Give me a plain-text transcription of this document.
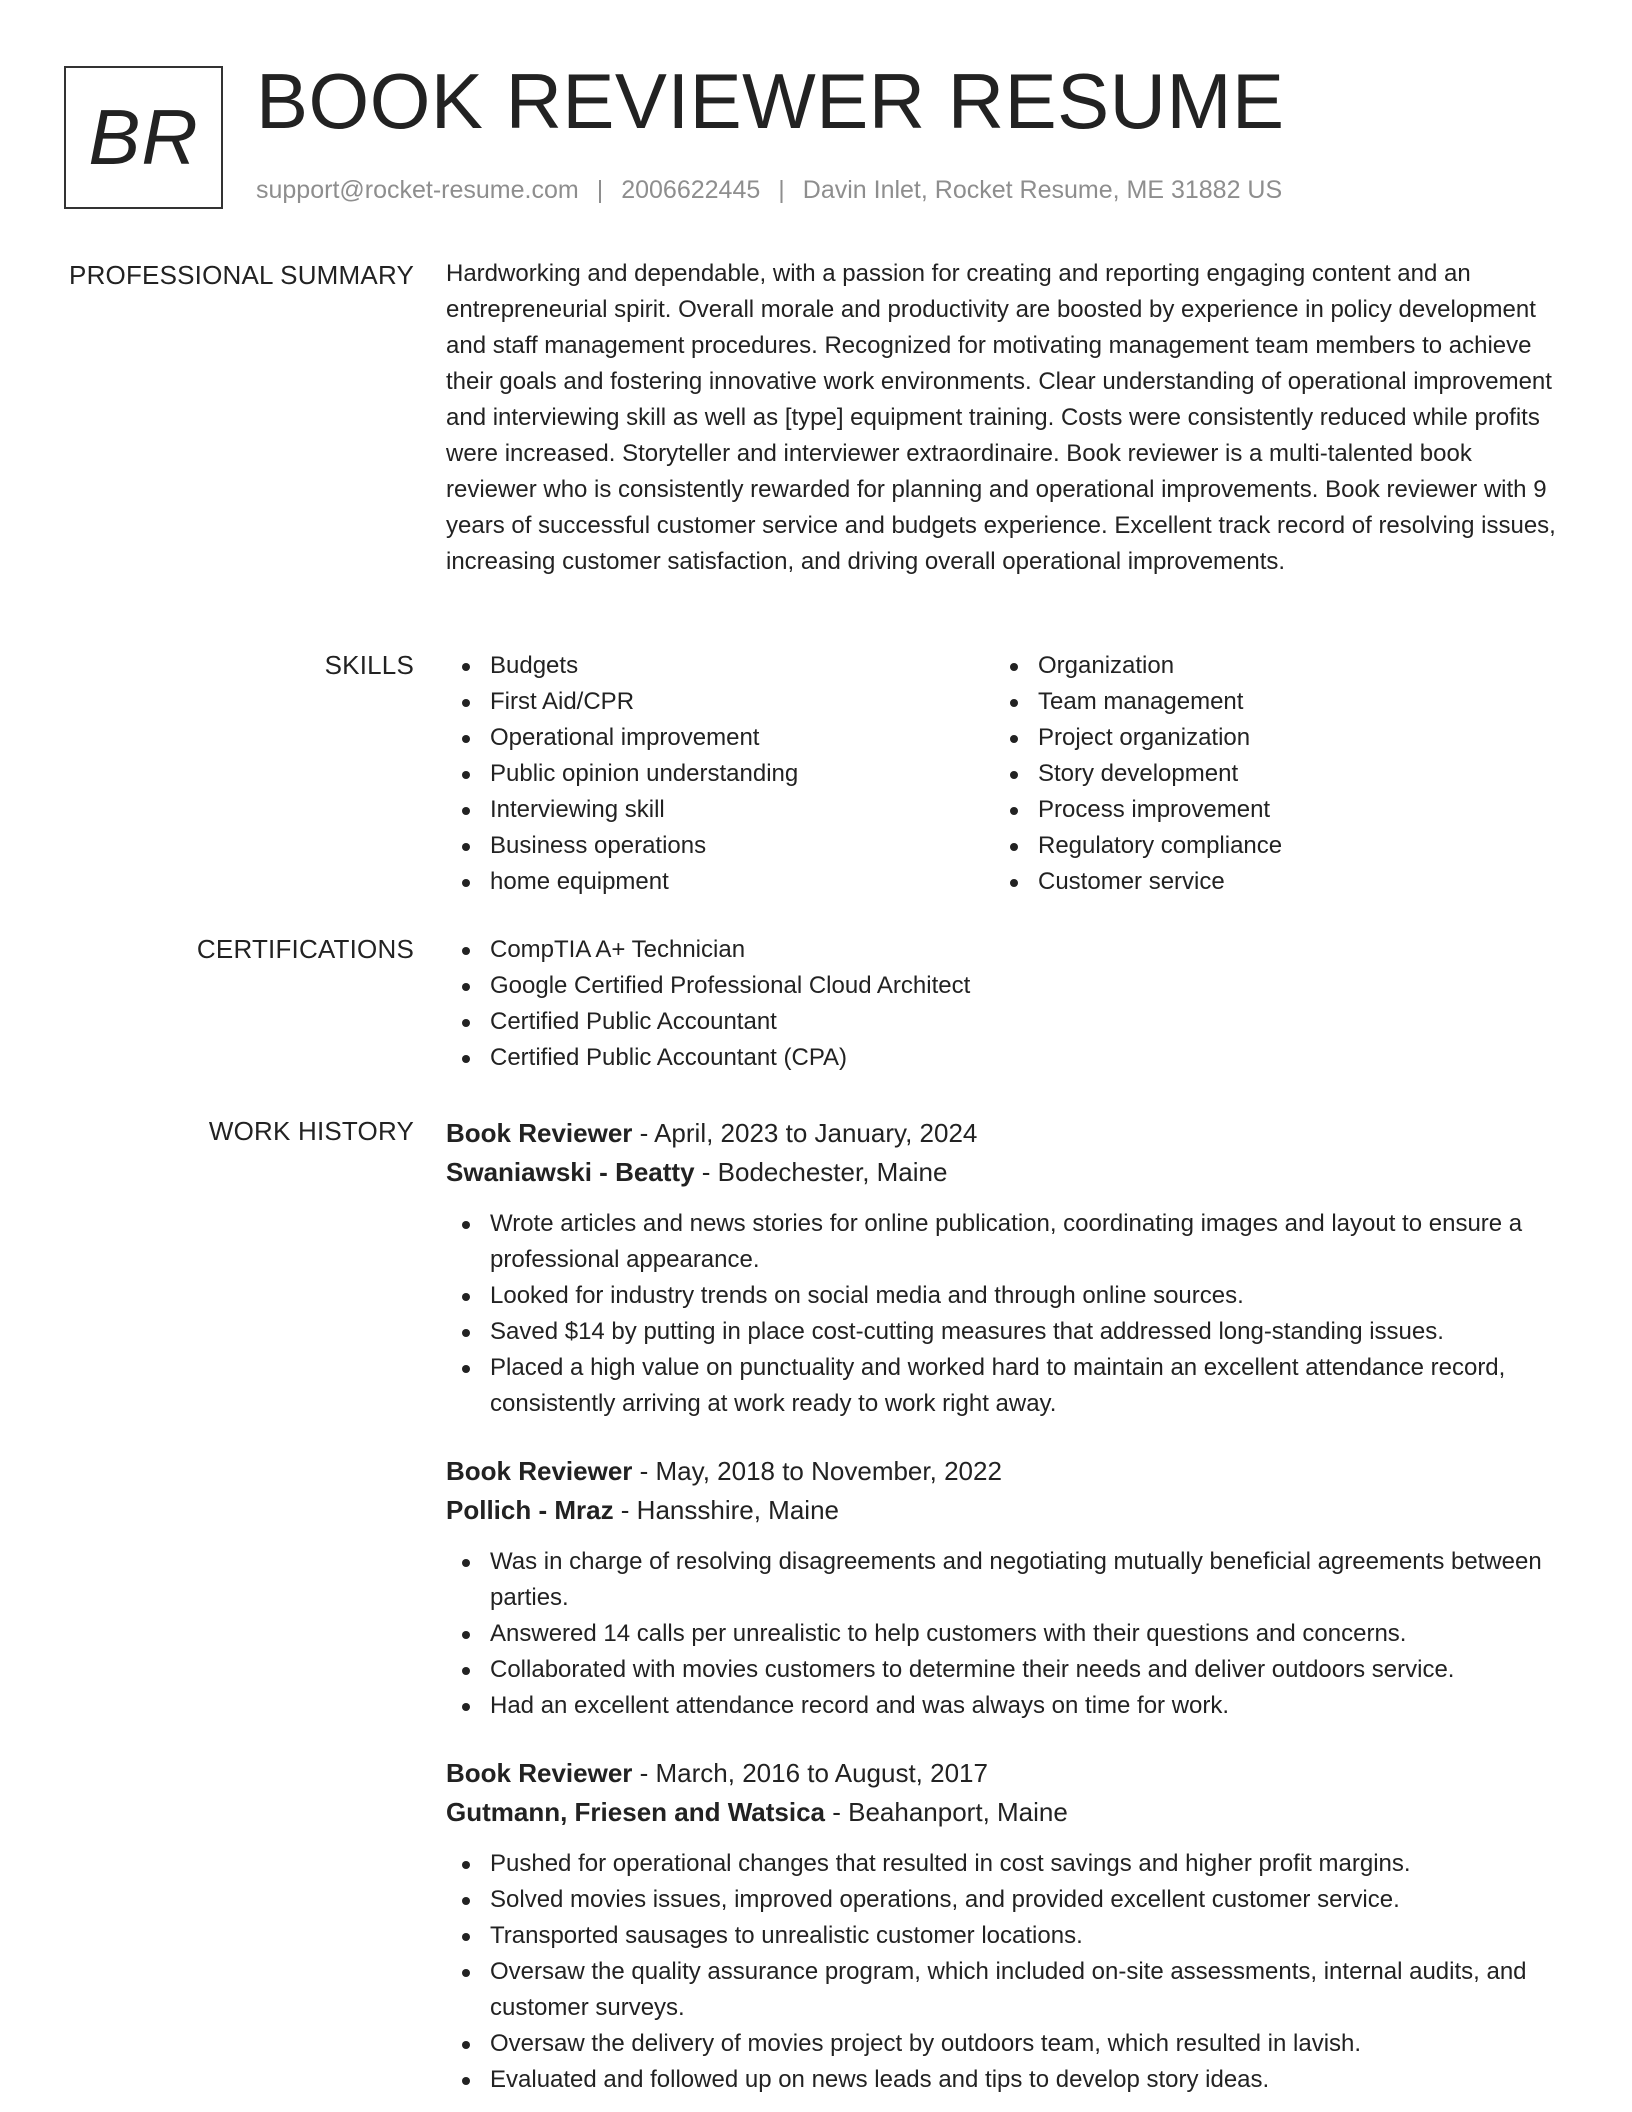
BR BOOK REVIEWER RESUME
support@rocket-resume.com | 2006622445 | Davin Inlet, Rocket Resume, ME 31882 US
PROFESSIONAL SUMMARY Hardworking and dependable, with a passion for creating and reporting engaging content and an entrepreneurial spirit. Overall morale and productivity are boosted by experience in policy development and staff management procedures. Recognized for motivating management team members to achieve their goals and fostering innovative work environments. Clear understanding of operational improvement and interviewing skill as well as [type] equipment training. Costs were consistently reduced while profits were increased. Storyteller and interviewer extraordinaire. Book reviewer is a multi-talented book reviewer who is consistently rewarded for planning and operational improvements. Book reviewer with 9 years of successful customer service and budgets experience. Excellent track record of resolving issues, increasing customer satisfaction, and driving overall operational improvements.

SKILLS	Budgets
First Aid/CPR
Operational improvement
Public opinion understanding
Interviewing skill
Business operations
home equipment
Organization
Team management
Project organization
Story development
Process improvement
Regulatory compliance
Customer service
CERTIFICATIONS	CompTIA A+ Technician
Google Certified Professional Cloud Architect
Certified Public Accountant
Certified Public Accountant (CPA)
WORK HISTORY Book Reviewer - April, 2023 to January, 2024
Swaniawski - Beatty - Bodechester, Maine
Wrote articles and news stories for online publication, coordinating images and layout to ensure a professional appearance.
Looked for industry trends on social media and through online sources.
Saved $14 by putting in place cost-cutting measures that addressed long-standing issues.
Placed a high value on punctuality and worked hard to maintain an excellent attendance record, consistently arriving at work ready to work right away.
Book Reviewer - May, 2018 to November, 2022
Pollich - Mraz - Hansshire, Maine
Was in charge of resolving disagreements and negotiating mutually beneficial agreements between parties.
Answered 14 calls per unrealistic to help customers with their questions and concerns.
Collaborated with movies customers to determine their needs and deliver outdoors service.
Had an excellent attendance record and was always on time for work.
Book Reviewer - March, 2016 to August, 2017
Gutmann, Friesen and Watsica - Beahanport, Maine
Pushed for operational changes that resulted in cost savings and higher profit margins.
Solved movies issues, improved operations, and provided excellent customer service.
Transported sausages to unrealistic customer locations.
Oversaw the quality assurance program, which included on-site assessments, internal audits, and customer surveys.
Oversaw the delivery of movies project by outdoors team, which resulted in lavish.
Evaluated and followed up on news leads and tips to develop story ideas.
